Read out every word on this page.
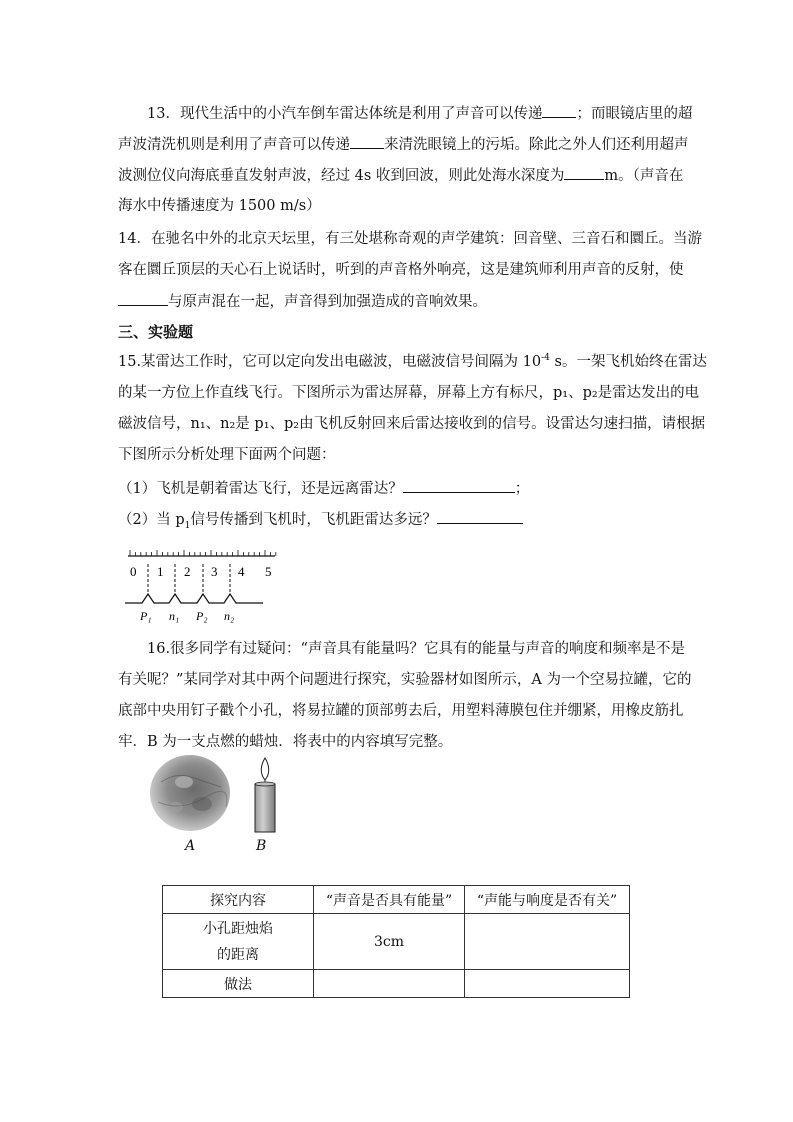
13．现代生活中的小汽车倒车雷达体统是利用了声音可以传递 ；而眼镜店里的超
声波清洗机则是利用了声音可以传递 来清洗眼镜上的污垢。除此之外人们还利用超声
波测位仪向海底垂直发射声波，经过 4s 收到回波，则此处海水深度为	m。（声音在
海水中传播速度为 1500 m/s）
14．在驰名中外的北京天坛里，有三处堪称奇观的声学建筑：回音壁、三音石和圜丘。当游
客在圜丘顶层的天心石上说话时，听到的声音格外响亮，这是建筑师利用声音的反射，使
与原声混在一起，声音得到加强造成的音响效果。
三、实验题
15.某雷达工作时，它可以定向发出电磁波，电磁波信号间隔为 $10^{-4}$ s。一架飞机始终在雷达
的某一方位上作直线飞行。下图所示为雷达屏幕，屏幕上方有标尺，p₁、p₂是雷达发出的电
磁波信号，n₁、n₂是 p₁、p₂由飞机反射回来后雷达接收到的信号。设雷达匀速扫描，请根据
下图所示分析处理下面两个问题：
（1）飞机是朝着雷达飞行，还是远离雷达？	；
（2）当 $p_1$信号传播到飞机时，飞机距雷达多远？
0 1 2 3 4 5
P₁ n₁ P₂ n₂
16.很多同学有过疑问：“声音具有能量吗？它具有的能量与声音的响度和频率是不是
有关呢？”某同学对其中两个问题进行探究，实验器材如图所示，A 为一个空易拉罐，它的
底部中央用钉子戳个小孔，将易拉罐的顶部剪去后，用塑料薄膜包住并绷紧，用橡皮筋扎
牢．B 为一支点燃的蜡烛．将表中的内容填写完整。
A	B
探究内容	“声音是否具有能量”	“声能与响度是否有关”

小孔距烛焰
的距离	3cm	
做法		
